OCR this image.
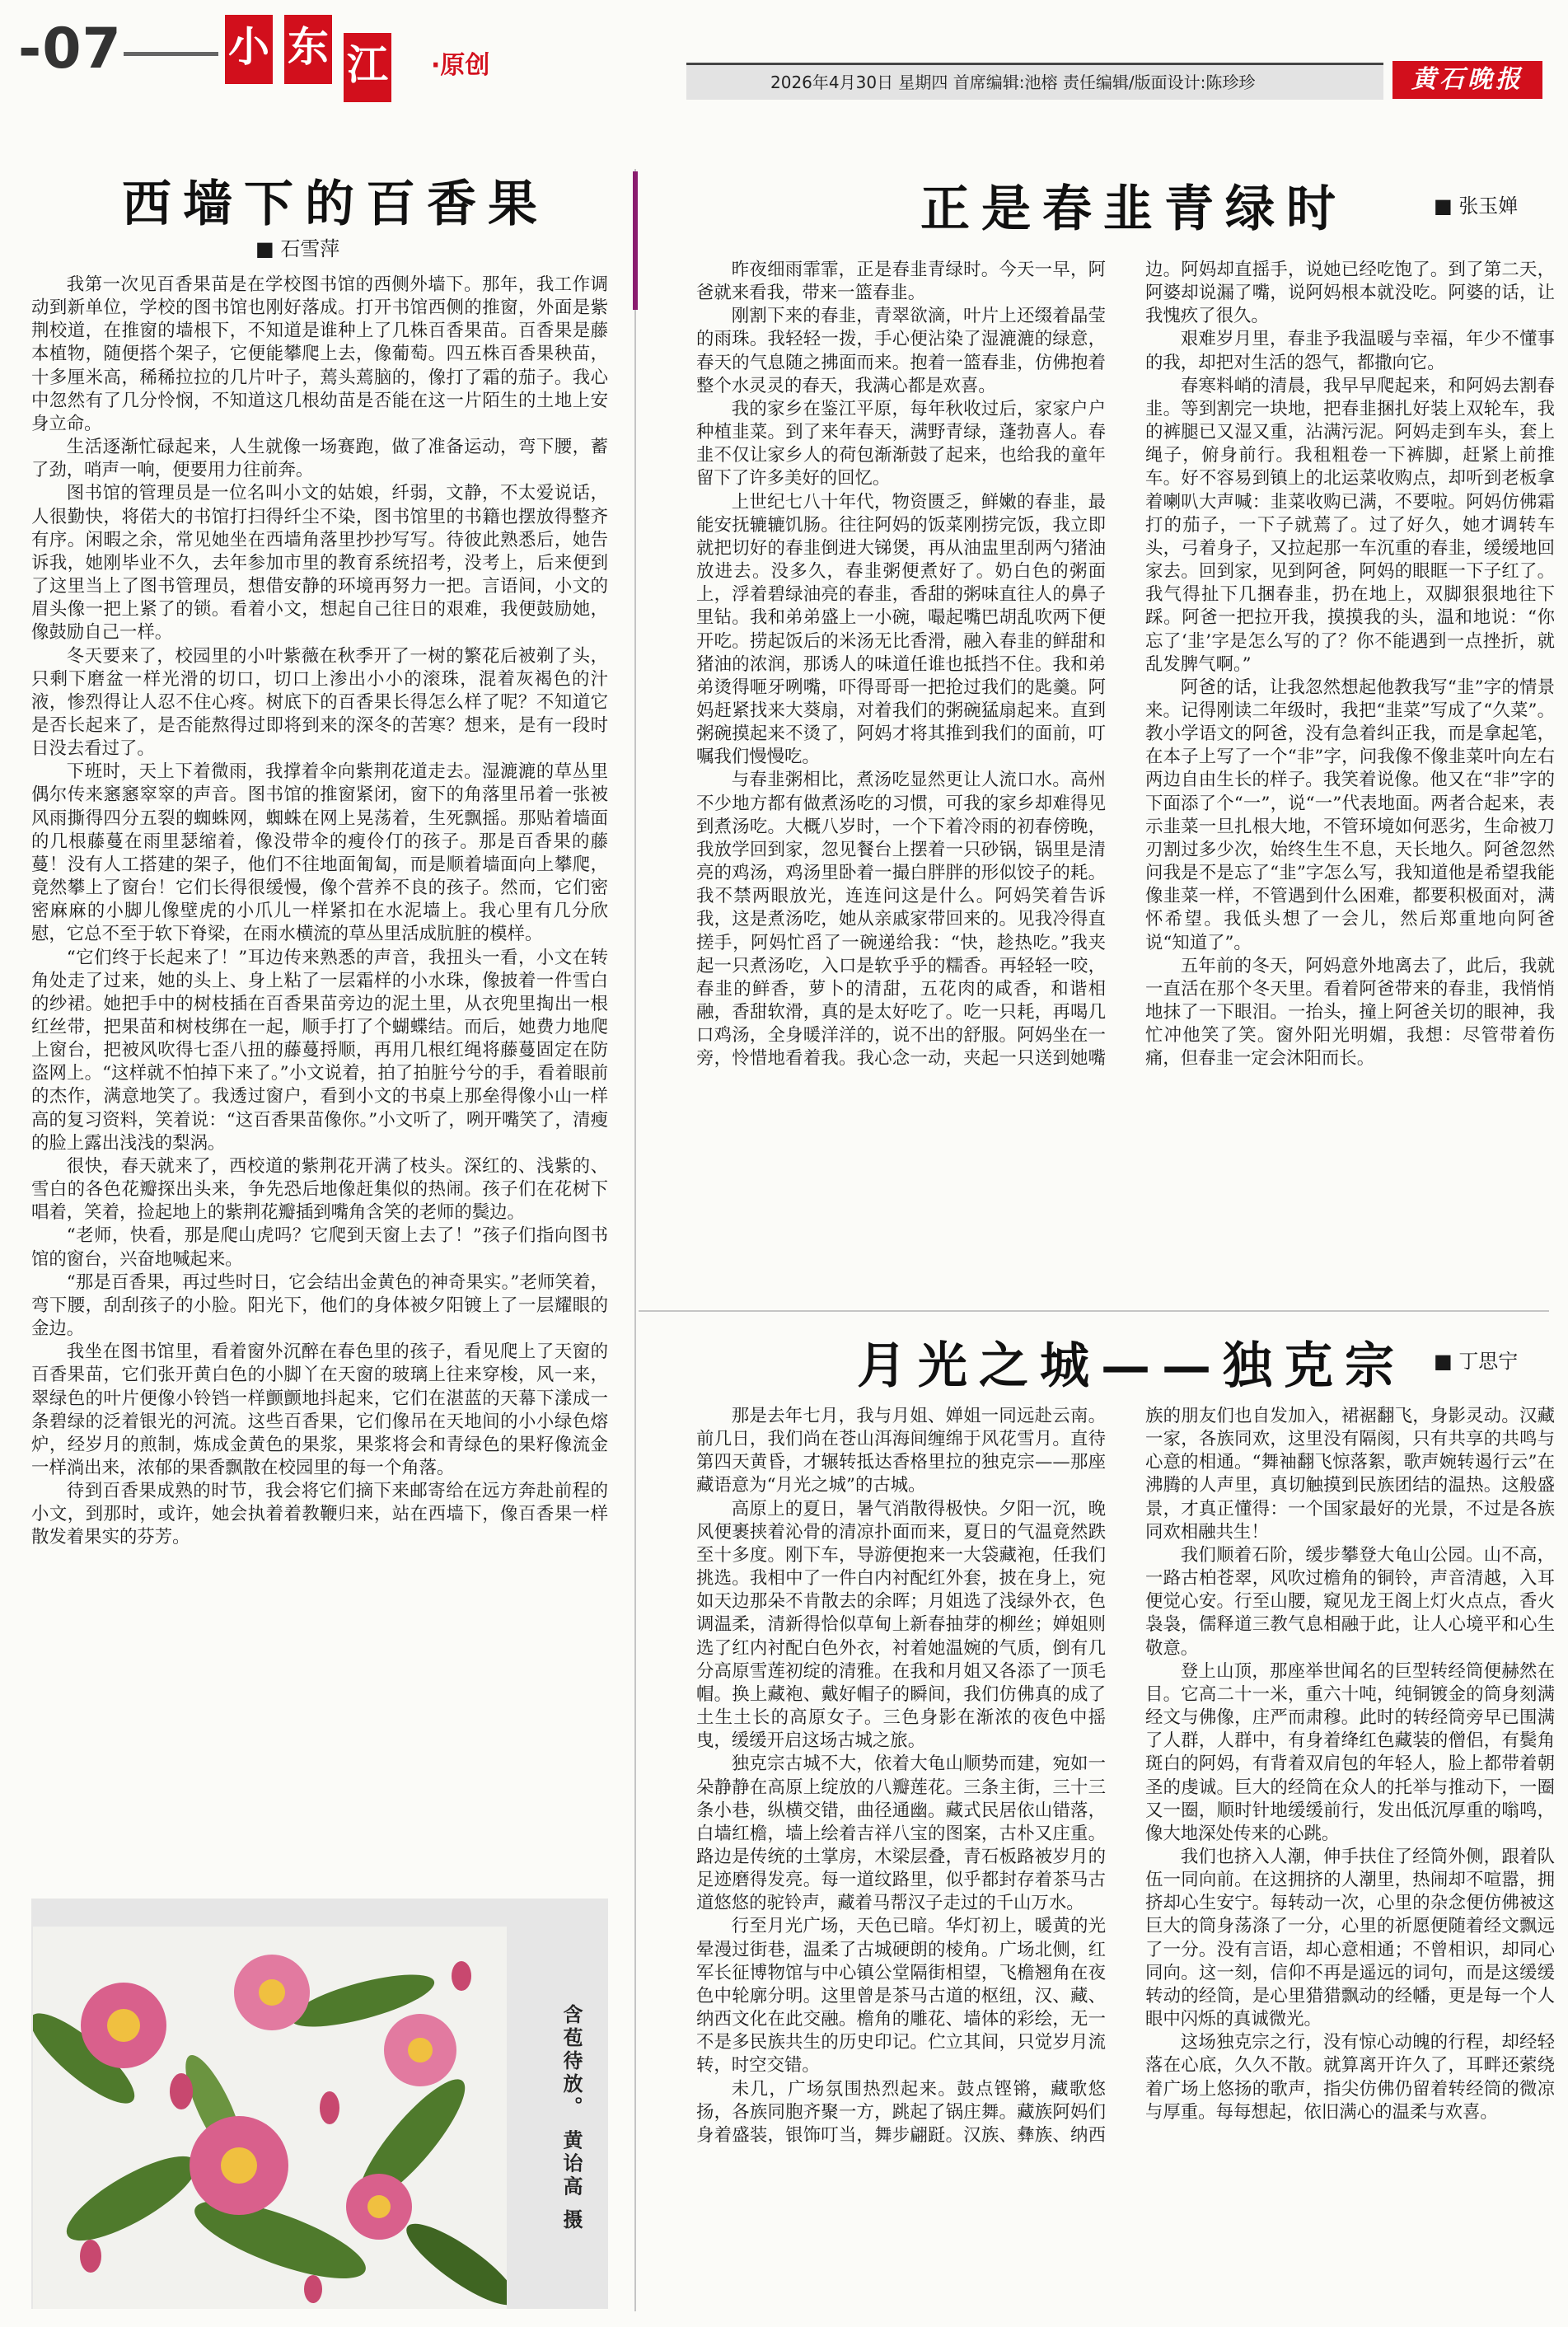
-07	小 东 江 ·原创
2026年4月30日 星期四 首席编辑:池榕 责任编辑/版面设计:陈珍珍	黄石晚报
西墙下的百香果
■ 石雪萍

我第一次见百香果苗是在学校图书馆的西侧外墙下。那年，我工作调动到新单位，学校的图书馆也刚好落成。打开书馆西侧的推窗，外面是紫荆校道，在推窗的墙根下，不知道是谁种上了几株百香果苗。百香果是藤本植物，随便搭个架子，它便能攀爬上去，像葡萄。四五株百香果秧苗，十多厘米高，稀稀拉拉的几片叶子，蔫头蔫脑的，像打了霜的茄子。我心中忽然有了几分怜悯，不知道这几根幼苗是否能在这一片陌生的土地上安身立命。

生活逐渐忙碌起来，人生就像一场赛跑，做了准备运动，弯下腰，蓄了劲，哨声一响，便要用力往前奔。

图书馆的管理员是一位名叫小文的姑娘，纤弱，文静，不太爱说话，人很勤快，将偌大的书馆打扫得纤尘不染，图书馆里的书籍也摆放得整齐有序。闲暇之余，常见她坐在西墙角落里抄抄写写。待彼此熟悉后，她告诉我，她刚毕业不久，去年参加市里的教育系统招考，没考上，后来便到了这里当上了图书管理员，想借安静的环境再努力一把。言语间，小文的眉头像一把上紧了的锁。看着小文，想起自己往日的艰难，我便鼓励她，像鼓励自己一样。

冬天要来了，校园里的小叶紫薇在秋季开了一树的繁花后被剃了头，只剩下磨盆一样光滑的切口，切口上渗出小小的滚珠，混着灰褐色的汁液，惨烈得让人忍不住心疼。树底下的百香果长得怎么样了呢？不知道它是否长起来了，是否能熬得过即将到来的深冬的苦寒？想来，是有一段时日没去看过了。

下班时，天上下着微雨，我撑着伞向紫荆花道走去。湿漉漉的草丛里偶尔传来窸窸窣窣的声音。图书馆的推窗紧闭，窗下的角落里吊着一张被风雨撕得四分五裂的蜘蛛网，蜘蛛在网上晃荡着，生死飘摇。那贴着墙面的几根藤蔓在雨里瑟缩着，像没带伞的瘦伶仃的孩子。那是百香果的藤蔓！没有人工搭建的架子，他们不往地面匍匐，而是顺着墙面向上攀爬，竟然攀上了窗台！它们长得很缓慢，像个营养不良的孩子。然而，它们密密麻麻的小脚儿像壁虎的小爪儿一样紧扣在水泥墙上。我心里有几分欣慰，它总不至于软下脊梁，在雨水横流的草丛里活成肮脏的模样。

“它们终于长起来了！”耳边传来熟悉的声音，我扭头一看，小文在转角处走了过来，她的头上、身上粘了一层霜样的小水珠，像披着一件雪白的纱裙。她把手中的树枝插在百香果苗旁边的泥土里，从衣兜里掏出一根红丝带，把果苗和树枝绑在一起，顺手打了个蝴蝶结。而后，她费力地爬上窗台，把被风吹得七歪八扭的藤蔓捋顺，再用几根红绳将藤蔓固定在防盗网上。“这样就不怕掉下来了。”小文说着，拍了拍脏兮兮的手，看着眼前的杰作，满意地笑了。我透过窗户，看到小文的书桌上那垒得像小山一样高的复习资料，笑着说：“这百香果苗像你。”小文听了，咧开嘴笑了，清瘦的脸上露出浅浅的梨涡。

很快，春天就来了，西校道的紫荆花开满了枝头。深红的、浅紫的、雪白的各色花瓣探出头来，争先恐后地像赶集似的热闹。孩子们在花树下唱着，笑着，捡起地上的紫荆花瓣插到嘴角含笑的老师的鬓边。

“老师，快看，那是爬山虎吗？它爬到天窗上去了！”孩子们指向图书馆的窗台，兴奋地喊起来。

“那是百香果，再过些时日，它会结出金黄色的神奇果实。”老师笑着，弯下腰，刮刮孩子的小脸。阳光下，他们的身体被夕阳镀上了一层耀眼的金边。

我坐在图书馆里，看着窗外沉醉在春色里的孩子，看见爬上了天窗的百香果苗，它们张开黄白色的小脚丫在天窗的玻璃上往来穿梭，风一来，翠绿色的叶片便像小铃铛一样颤颤地抖起来，它们在湛蓝的天幕下漾成一条碧绿的泛着银光的河流。这些百香果，它们像吊在天地间的小小绿色熔炉，经岁月的煎制，炼成金黄色的果浆，果浆将会和青绿色的果籽像流金一样淌出来，浓郁的果香飘散在校园里的每一个角落。

待到百香果成熟的时节，我会将它们摘下来邮寄给在远方奔赴前程的小文，到那时，或许，她会执着着教鞭归来，站在西墙下，像百香果一样散发着果实的芬芳。

含苞待放。 黄诒高 摄
正是春韭青绿时	■ 张玉婵

昨夜细雨霏霏，正是春韭青绿时。今天一早，阿爸就来看我，带来一篮春韭。

刚割下来的春韭，青翠欲滴，叶片上还缀着晶莹的雨珠。我轻轻一拨，手心便沾染了湿漉漉的绿意，春天的气息随之拂面而来。抱着一篮春韭，仿佛抱着整个水灵灵的春天，我满心都是欢喜。

我的家乡在鉴江平原，每年秋收过后，家家户户种植韭菜。到了来年春天，满野青绿，蓬勃喜人。春韭不仅让家乡人的荷包渐渐鼓了起来，也给我的童年留下了许多美好的回忆。

上世纪七八十年代，物资匮乏，鲜嫩的春韭，最能安抚辘辘饥肠。往往阿妈的饭菜刚捞完饭，我立即就把切好的春韭倒进大锑煲，再从油盅里刮两勺猪油放进去。没多久，春韭粥便煮好了。奶白色的粥面上，浮着碧绿油亮的春韭，香甜的粥味直往人的鼻子里钻。我和弟弟盛上一小碗，嘬起嘴巴胡乱吹两下便开吃。捞起饭后的米汤无比香滑，融入春韭的鲜甜和猪油的浓润，那诱人的味道任谁也抵挡不住。我和弟弟烫得咂牙咧嘴，吓得哥哥一把抢过我们的匙羹。阿妈赶紧找来大葵扇，对着我们的粥碗猛扇起来。直到粥碗摸起来不烫了，阿妈才将其推到我们的面前，叮嘱我们慢慢吃。

与春韭粥相比，煮汤吃显然更让人流口水。高州不少地方都有做煮汤吃的习惯，可我的家乡却难得见到煮汤吃。大概八岁时，一个下着冷雨的初春傍晚，我放学回到家，忽见餐台上摆着一只砂锅，锅里是清亮的鸡汤，鸡汤里卧着一撮白胖胖的形似饺子的耗。我不禁两眼放光，连连问这是什么。阿妈笑着告诉我，这是煮汤吃，她从亲戚家带回来的。见我冷得直搓手，阿妈忙舀了一碗递给我：“快，趁热吃。”我夹起一只煮汤吃，入口是软乎乎的糯香。再轻轻一咬，春韭的鲜香，萝卜的清甜，五花肉的咸香，和谐相融，香甜软滑，真的是太好吃了。吃一只耗，再喝几口鸡汤，全身暖洋洋的，说不出的舒服。阿妈坐在一旁，怜惜地看着我。我心念一动，夹起一只送到她嘴边。阿妈却直摇手，说她已经吃饱了。到了第二天，阿婆却说漏了嘴，说阿妈根本就没吃。阿婆的话，让我愧疚了很久。

艰难岁月里，春韭予我温暖与幸福，年少不懂事的我，却把对生活的怨气，都撒向它。

春寒料峭的清晨，我早早爬起来，和阿妈去割春韭。等到割完一块地，把春韭捆扎好装上双轮车，我的裤腿已又湿又重，沾满污泥。阿妈走到车头，套上绳子，俯身前行。我租粗卷一下裤脚，赶紧上前推车。好不容易到镇上的北运菜收购点，却听到老板拿着喇叭大声喊：韭菜收购已满，不要啦。阿妈仿佛霜打的茄子，一下子就蔫了。过了好久，她才调转车头，弓着身子，又拉起那一车沉重的春韭，缓缓地回家去。回到家，见到阿爸，阿妈的眼眶一下子红了。我气得扯下几捆春韭，扔在地上，双脚狠狠地往下踩。阿爸一把拉开我，摸摸我的头，温和地说：“你忘了‘韭’字是怎么写的了？你不能遇到一点挫折，就乱发脾气啊。”

阿爸的话，让我忽然想起他教我写“韭”字的情景来。记得刚读二年级时，我把“韭菜”写成了“久菜”。教小学语文的阿爸，没有急着纠正我，而是拿起笔，在本子上写了一个“非”字，问我像不像韭菜叶向左右两边自由生长的样子。我笑着说像。他又在“非”字的下面添了个“一”，说“一”代表地面。两者合起来，表示韭菜一旦扎根大地，不管环境如何恶劣，生命被刀刃割过多少次，始终生生不息，天长地久。阿爸忽然问我是不是忘了“韭”字怎么写，我知道他是希望我能像韭菜一样，不管遇到什么困难，都要积极面对，满怀希望。我低头想了一会儿，然后郑重地向阿爸说“知道了”。

五年前的冬天，阿妈意外地离去了，此后，我就一直活在那个冬天里。看着阿爸带来的春韭，我悄悄地抹了一下眼泪。一抬头，撞上阿爸关切的眼神，我忙冲他笑了笑。窗外阳光明媚，我想：尽管带着伤痛，但春韭一定会沐阳而长。

月光之城——独克宗	■ 丁思宁

那是去年七月，我与月姐、婵姐一同远赴云南。前几日，我们尚在苍山洱海间缠绵于风花雪月。直待第四天黄昏，才辗转抵达香格里拉的独克宗——那座藏语意为“月光之城”的古城。

高原上的夏日，暑气消散得极快。夕阳一沉，晚风便裹挟着沁骨的清凉扑面而来，夏日的气温竟然跌至十多度。刚下车，导游便抱来一大袋藏袍，任我们挑选。我相中了一件白内衬配红外套，披在身上，宛如天边那朵不肯散去的余晖；月姐选了浅绿外衣，色调温柔，清新得恰似草甸上新春抽芽的柳丝；婵姐则选了红内衬配白色外衣，衬着她温婉的气质，倒有几分高原雪莲初绽的清雅。在我和月姐又各添了一顶毛帽。换上藏袍、戴好帽子的瞬间，我们仿佛真的成了土生土长的高原女子。三色身影在渐浓的夜色中摇曳，缓缓开启这场古城之旅。

独克宗古城不大，依着大龟山顺势而建，宛如一朵静静在高原上绽放的八瓣莲花。三条主街，三十三条小巷，纵横交错，曲径通幽。藏式民居依山错落，白墙红檐，墙上绘着吉祥八宝的图案，古朴又庄重。路边是传统的土掌房，木梁层叠，青石板路被岁月的足迹磨得发亮。每一道纹路里，似乎都封存着茶马古道悠悠的驼铃声，藏着马帮汉子走过的千山万水。

行至月光广场，天色已暗。华灯初上，暖黄的光晕漫过街巷，温柔了古城硬朗的棱角。广场北侧，红军长征博物馆与中心镇公堂隔街相望，飞檐翘角在夜色中轮廓分明。这里曾是茶马古道的枢纽，汉、藏、纳西文化在此交融。檐角的雕花、墙体的彩绘，无一不是多民族共生的历史印记。伫立其间，只觉岁月流转，时空交错。

未几，广场氛围热烈起来。鼓点铿锵，藏歌悠扬，各族同胞齐聚一方，跳起了锅庄舞。藏族阿妈们身着盛装，银饰叮当，舞步翩跹。汉族、彝族、纳西族的朋友们也自发加入，裙裾翻飞，身影灵动。汉藏一家，各族同欢，这里没有隔阂，只有共享的共鸣与心意的相通。“舞袖翻飞惊落絮，歌声婉转遏行云”在沸腾的人声里，真切触摸到民族团结的温热。这般盛景，才真正懂得：一个国家最好的光景，不过是各族同欢相融共生！

我们顺着石阶，缓步攀登大龟山公园。山不高，一路古柏苍翠，风吹过檐角的铜铃，声音清越，入耳便觉心安。行至山腰，窥见龙王阁上灯火点点，香火袅袅，儒释道三教气息相融于此，让人心境平和心生敬意。

登上山顶，那座举世闻名的巨型转经筒便赫然在目。它高二十一米，重六十吨，纯铜镀金的筒身刻满经文与佛像，庄严而肃穆。此时的转经筒旁早已围满了人群，人群中，有身着绛红色藏装的僧侣，有鬓角斑白的阿妈，有背着双肩包的年轻人，脸上都带着朝圣的虔诚。巨大的经筒在众人的托举与推动下，一圈又一圈，顺时针地缓缓前行，发出低沉厚重的嗡鸣，像大地深处传来的心跳。

我们也挤入人潮，伸手扶住了经筒外侧，跟着队伍一同向前。在这拥挤的人潮里，热闹却不喧嚣，拥挤却心生安宁。每转动一次，心里的杂念便仿佛被这巨大的筒身荡涤了一分，心里的祈愿便随着经文飘远了一分。没有言语，却心意相通；不曾相识，却同心同向。这一刻，信仰不再是遥远的词句，而是这缓缓转动的经筒，是心里猎猎飘动的经幡，更是每一个人眼中闪烁的真诚微光。

这场独克宗之行，没有惊心动魄的行程，却经轻落在心底，久久不散。就算离开许久了，耳畔还萦绕着广场上悠扬的歌声，指尖仿佛仍留着转经筒的微凉与厚重。每每想起，依旧满心的温柔与欢喜。
